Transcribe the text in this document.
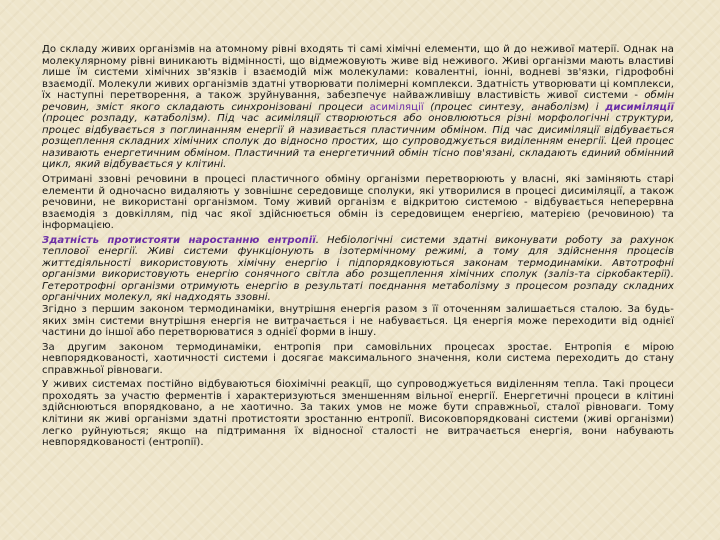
До складу живих організмів на атомному рівні входять ті самі хімічні елементи, що й до неживої матерії. Однак на молекулярному рівні виникають відмінності, що відмежовують живе від неживого. Живі організми мають властиві лише їм системи хімічних зв'язків і взаємодій між молекулами: ковалентні, іонні, водневі зв'язки, гідрофобні взаємодії. Молекули живих організмів здатні утворювати полімерні комплекси. Здатність утворювати ці комплекси, їх наступні перетворення, а також зруйнування, забезпечує найважливішу властивість живої системи - обмін речовин, зміст якого складають синхронізовані процеси асиміляції (процес синтезу, анаболізм) і дисиміляції (процес розпаду, катаболізм). Під час асиміляції створюються або оновлюються різні морфологічні структури, процес відбувається з поглинанням енергії й називається пластичним обміном. Під час дисиміляції відбувається розщеплення складних хімічних сполук до відносно простих, що супроводжується виділенням енергії. Цей процес називають енергетичним обміном. Пластичний та енергетичний обмін тісно пов'язані, складають єдиний обмінний цикл, який відбувається у клітині.

Отримані ззовні речовини в процесі пластичного обміну організми перетворюють у власні, які заміняють старі елементи й одночасно видаляють у зовнішнє середовище сполуки, які утворилися в процесі дисиміляції, а також речовини, не використані організмом. Тому живий організм є відкритою системою - відбувається неперервна взаємодія з довкіллям, під час якої здійснюється обмін із середовищем енергією, матерією (речовиною) та інформацією.

Здатність протистояти наростанню ентропії. Небіологічні системи здатні виконувати роботу за рахунок теплової енергії. Живі системи функціонують в ізотермічному режимі, а тому для здійснення процесів життєдіяльності використовують хімічну енергію і підпорядковуються законам термодинаміки. Автотрофні організми використовують енергію сонячного світла або розщеплення хімічних сполук (заліз-та сіркобактерії). Гетеротрофні організми отримують енергію в результаті поєднання метаболізму з процесом розпаду складних органічних молекул, які надходять ззовні.

Згідно з першим законом термодинаміки, внутрішня енергія разом з її оточенням залишається сталою. За будь-яких змін системи внутрішня енергія не витрачається і не набувається. Ця енергія може переходити від однієї частини до іншої або перетворюватися з однієї форми в іншу.

За другим законом термодинаміки, ентропія при самовільних процесах зростає. Ентропія є мірою невпорядкованості, хаотичності системи і досягає максимального значення, коли система переходить до стану справжньої рівноваги.

У живих системах постійно відбуваються біохімічні реакції, що супроводжується виділенням тепла. Такі процеси проходять за участю ферментів і характеризуються зменшенням вільної енергії. Енергетичні процеси в клітині здійснюються впорядковано, а не хаотично. За таких умов не може бути справжньої, сталої рівноваги. Тому клітини як живі організми здатні протистояти зростанню ентропії. Високовпорядковані системи (живі організми) легко руйнуються; якщо на підтримання їх відносної сталості не витрачається енергія, вони набувають невпорядкованості (ентропії).
